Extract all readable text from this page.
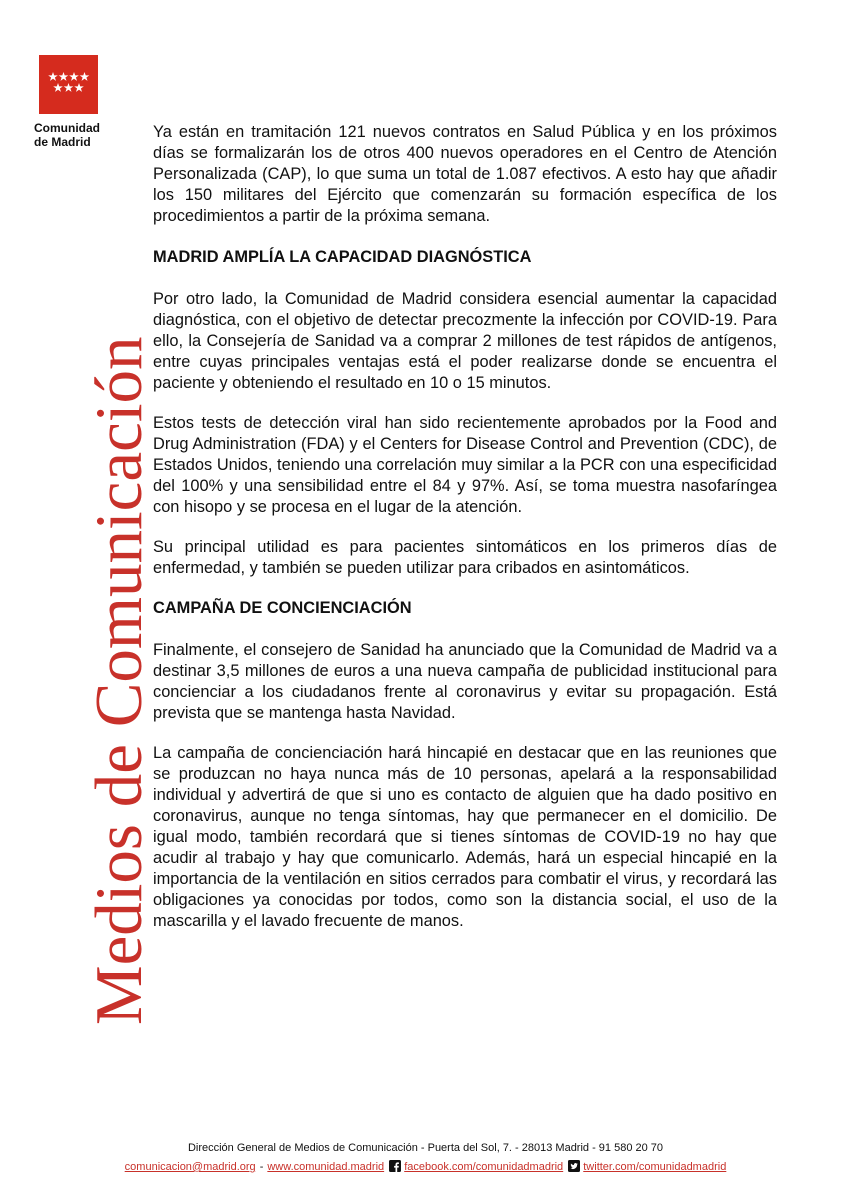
Comunidad
de Madrid
Medios de Comunicación

Ya están en tramitación 121 nuevos contratos en Salud Pública y en los próximos días se formalizarán los de otros 400 nuevos operadores en el Centro de Atención Personalizada (CAP), lo que suma un total de 1.087 efectivos. A esto hay que añadir los 150 militares del Ejército que comenzarán su formación específica de los procedimientos a partir de la próxima semana.

MADRID AMPLÍA LA CAPACIDAD DIAGNÓSTICA

Por otro lado, la Comunidad de Madrid considera esencial aumentar la capacidad diagnóstica, con el objetivo de detectar precozmente la infección por COVID-19. Para ello, la Consejería de Sanidad va a comprar 2 millones de test rápidos de antígenos, entre cuyas principales ventajas está el poder realizarse donde se encuentra el paciente y obteniendo el resultado en 10 o 15 minutos.

Estos tests de detección viral han sido recientemente aprobados por la Food and Drug Administration (FDA) y el Centers for Disease Control and Prevention (CDC), de Estados Unidos, teniendo una correlación muy similar a la PCR con una especificidad del 100% y una sensibilidad entre el 84 y 97%. Así, se toma muestra nasofaríngea con hisopo y se procesa en el lugar de la atención.

Su principal utilidad es para pacientes sintomáticos en los primeros días de enfermedad, y también se pueden utilizar para cribados en asintomáticos.

CAMPAÑA DE CONCIENCIACIÓN

Finalmente, el consejero de Sanidad ha anunciado que la Comunidad de Madrid va a destinar 3,5 millones de euros a una nueva campaña de publicidad institucional para concienciar a los ciudadanos frente al coronavirus y evitar su propagación. Está prevista que se mantenga hasta Navidad.

La campaña de concienciación hará hincapié en destacar que en las reuniones que se produzcan no haya nunca más de 10 personas, apelará a la responsabilidad individual y advertirá de que si uno es contacto de alguien que ha dado positivo en coronavirus, aunque no tenga síntomas, hay que permanecer en el domicilio. De igual modo, también recordará que si tienes síntomas de COVID-19 no hay que acudir al trabajo y hay que comunicarlo. Además, hará un especial hincapié en la importancia de la ventilación en sitios cerrados para combatir el virus, y recordará las obligaciones ya conocidas por todos, como son la distancia social, el uso de la mascarilla y el lavado frecuente de manos.

Dirección General de Medios de Comunicación - Puerta del Sol, 7. - 28013 Madrid - 91 580 20 70
comunicacion@madrid.org - www.comunidad.madrid facebook.com/comunidadmadrid twitter.com/comunidadmadrid
